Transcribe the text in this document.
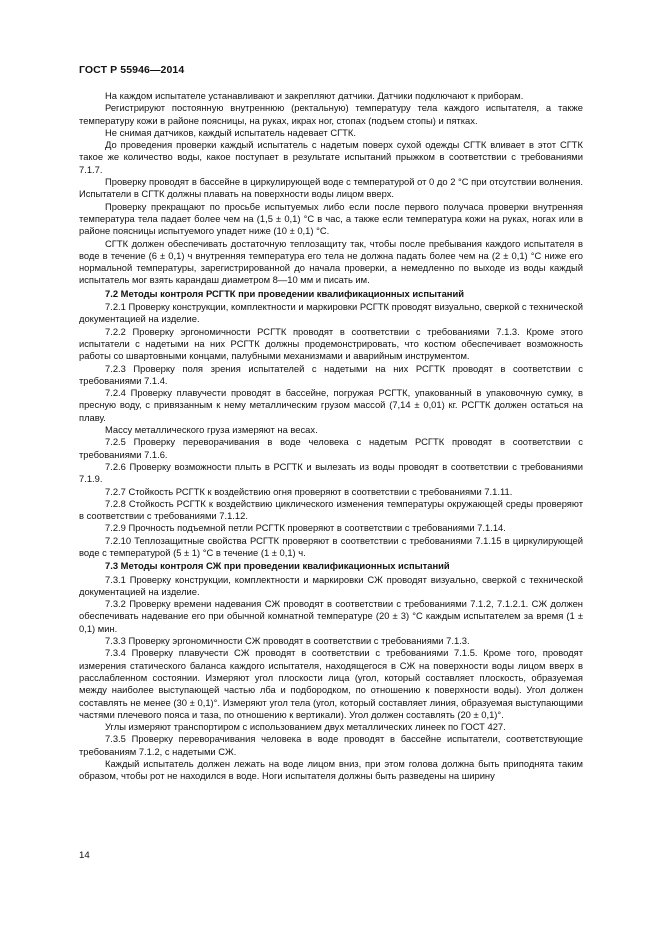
ГОСТ Р 55946—2014

На каждом испытателе устанавливают и закрепляют датчики. Датчики подключают к приборам.

Регистрируют постоянную внутреннюю (ректальную) температуру тела каждого испытателя, а также температуру кожи в районе поясницы, на руках, икрах ног, стопах (подъем стопы) и пятках.

Не снимая датчиков, каждый испытатель надевает СГТК.

До проведения проверки каждый испытатель с надетым поверх сухой одежды СГТК вливает в этот СГТК такое же количество воды, какое поступает в результате испытаний прыжком в соответствии с требованиями 7.1.7.

Проверку проводят в бассейне в циркулирующей воде с температурой от 0 до 2 °С при отсутствии волнения. Испытатели в СГТК должны плавать на поверхности воды лицом вверх.

Проверку прекращают по просьбе испытуемых либо если после первого получаса проверки внутренняя температура тела падает более чем на (1,5 ± 0,1) °С в час, а также если температура кожи на руках, ногах или в районе поясницы испытуемого упадет ниже (10 ± 0,1) °С.

СГТК должен обеспечивать достаточную теплозащиту так, чтобы после пребывания каждого испытателя в воде в течение (6 ± 0,1) ч внутренняя температура его тела не должна падать более чем на (2 ± 0,1) °С ниже его нормальной температуры, зарегистрированной до начала проверки, а немедленно по выходе из воды каждый испытатель мог взять карандаш диаметром 8—10 мм и писать им.

7.2 Методы контроля РСГТК при проведении квалификационных испытаний

7.2.1 Проверку конструкции, комплектности и маркировки РСГТК проводят визуально, сверкой с технической документацией на изделие.

7.2.2 Проверку эргономичности РСГТК проводят в соответствии с требованиями 7.1.3. Кроме этого испытатели с надетыми на них РСГТК должны продемонстрировать, что костюм обеспечивает возможность работы со швартовными концами, палубными механизмами и аварийным инструментом.

7.2.3 Проверку поля зрения испытателей с надетыми на них РСГТК проводят в соответствии с требованиями 7.1.4.

7.2.4 Проверку плавучести проводят в бассейне, погружая РСГТК, упакованный в упаковочную сумку, в пресную воду, с привязанным к нему металлическим грузом массой (7,14 ± 0,01) кг. РСГТК должен остаться на плаву.

Массу металлического груза измеряют на весах.

7.2.5 Проверку переворачивания в воде человека с надетым РСГТК проводят в соответствии с требованиями 7.1.6.

7.2.6 Проверку возможности плыть в РСГТК и вылезать из воды проводят в соответствии с требованиями 7.1.9.

7.2.7 Стойкость РСГТК к воздействию огня проверяют в соответствии с требованиями 7.1.11.

7.2.8 Стойкость РСГТК к воздействию циклического изменения температуры окружающей среды проверяют в соответствии с требованиями 7.1.12.

7.2.9 Прочность подъемной петли РСГТК проверяют в соответствии с требованиями 7.1.14.

7.2.10 Теплозащитные свойства РСГТК проверяют в соответствии с требованиями 7.1.15 в циркулирующей воде с температурой (5 ± 1) °С в течение (1 ± 0,1) ч.

7.3 Методы контроля СЖ при проведении квалификационных испытаний

7.3.1 Проверку конструкции, комплектности и маркировки СЖ проводят визуально, сверкой с технической документацией на изделие.

7.3.2 Проверку времени надевания СЖ проводят в соответствии с требованиями 7.1.2, 7.1.2.1. СЖ должен обеспечивать надевание его при обычной комнатной температуре (20 ± 3) °С каждым испытателем за время (1 ± 0,1) мин.

7.3.3 Проверку эргономичности СЖ проводят в соответствии с требованиями 7.1.3.

7.3.4 Проверку плавучести СЖ проводят в соответствии с требованиями 7.1.5. Кроме того, проводят измерения статического баланса каждого испытателя, находящегося в СЖ на поверхности воды лицом вверх в расслабленном состоянии. Измеряют угол плоскости лица (угол, который составляет плоскость, образуемая между наиболее выступающей частью лба и подбородком, по отношению к поверхности воды). Угол должен составлять не менее (30 ± 0,1)°. Измеряют угол тела (угол, который составляет линия, образуемая выступающими частями плечевого пояса и таза, по отношению к вертикали). Угол должен составлять (20 ± 0,1)°.

Углы измеряют транспортиром с использованием двух металлических линеек по ГОСТ 427.

7.3.5 Проверку переворачивания человека в воде проводят в бассейне испытатели, соответствующие требованиям 7.1.2, с надетыми СЖ.

Каждый испытатель должен лежать на воде лицом вниз, при этом голова должна быть приподнята таким образом, чтобы рот не находился в воде. Ноги испытателя должны быть разведены на ширину

14
